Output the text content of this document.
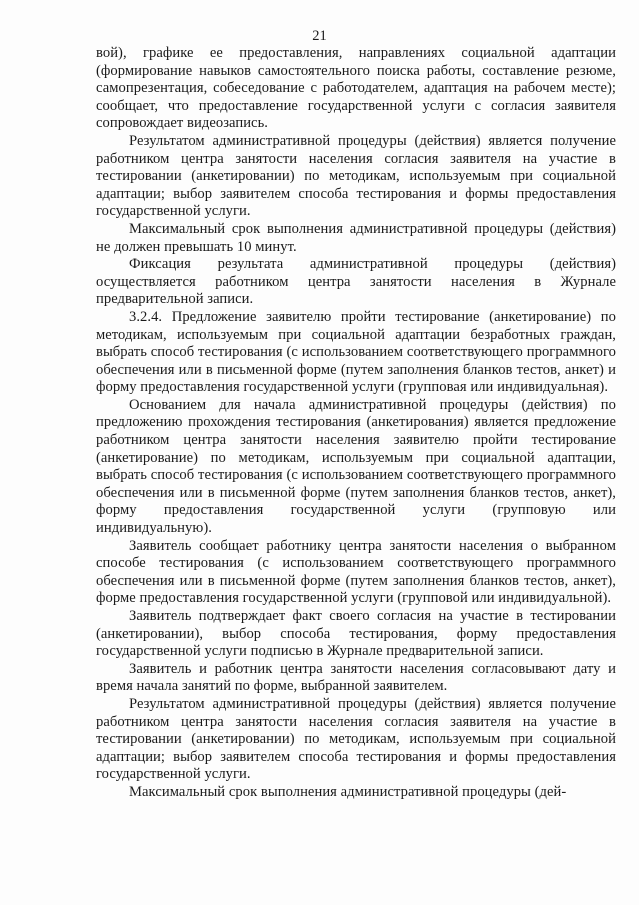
21

вой), графике ее предоставления, направлениях социальной адаптации (формирование навыков самостоятельного поиска работы, составление резюме, самопрезентация, собеседование с работодателем, адаптация на рабочем месте); сообщает, что предоставление государственной услуги с согласия заявителя сопровождает видеозапись.

Результатом административной процедуры (действия) является получение работником центра занятости населения согласия заявителя на участие в тестировании (анкетировании) по методикам, используемым при социальной адаптации; выбор заявителем способа тестирования и формы предоставления государственной услуги.

Максимальный срок выполнения административной процедуры (действия) не должен превышать 10 минут.

Фиксация результата административной процедуры (действия) осуществляется работником центра занятости населения в Журнале предварительной записи.

3.2.4. Предложение заявителю пройти тестирование (анкетирование) по методикам, используемым при социальной адаптации безработных граждан, выбрать способ тестирования (с использованием соответствующего программного обеспечения или в письменной форме (путем заполнения бланков тестов, анкет) и форму предоставления государственной услуги (групповая или индивидуальная).

Основанием для начала административной процедуры (действия) по предложению прохождения тестирования (анкетирования) является предложение работником центра занятости населения заявителю пройти тестирование (анкетирование) по методикам, используемым при социальной адаптации, выбрать способ тестирования (с использованием соответствующего программного обеспечения или в письменной форме (путем заполнения бланков тестов, анкет), форму предоставления государственной услуги (групповую или индивидуальную).

Заявитель сообщает работнику центра занятости населения о выбранном способе тестирования (с использованием соответствующего программного обеспечения или в письменной форме (путем заполнения бланков тестов, анкет), форме предоставления государственной услуги (групповой или индивидуальной).

Заявитель подтверждает факт своего согласия на участие в тестировании (анкетировании), выбор способа тестирования, форму предоставления государственной услуги подписью в Журнале предварительной записи.

Заявитель и работник центра занятости населения согласовывают дату и время начала занятий по форме, выбранной заявителем.

Результатом административной процедуры (действия) является получение работником центра занятости населения согласия заявителя на участие в тестировании (анкетировании) по методикам, используемым при социальной адаптации; выбор заявителем способа тестирования и формы предоставления государственной услуги.

Максимальный срок выполнения административной процедуры (дей-
